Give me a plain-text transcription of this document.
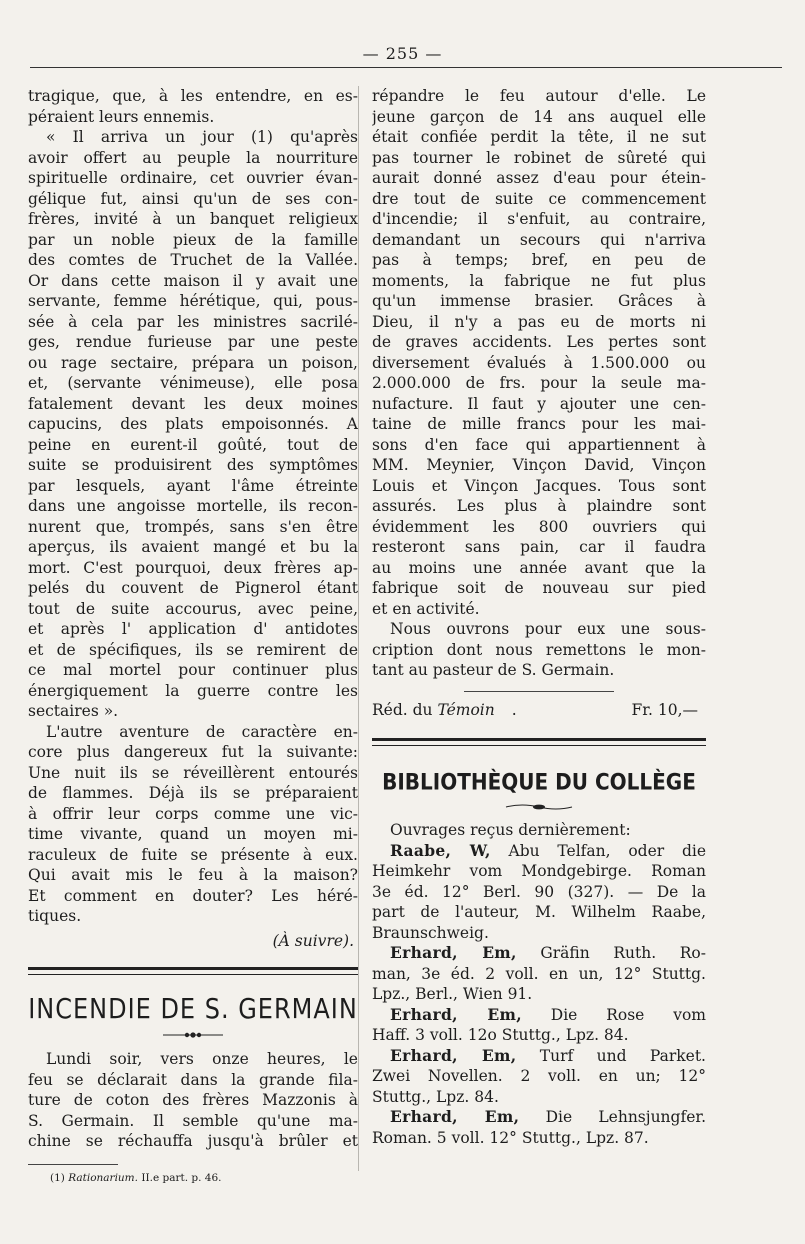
— 255 —

tragique, que, à les entendre, en es-
péraient leurs ennemis.

« Il arriva un jour (1) qu'après
avoir offert au peuple la nourriture
spirituelle ordinaire, cet ouvrier évan-
gélique fut, ainsi qu'un de ses con-
frères, invité à un banquet religieux
par un noble pieux de la famille
des comtes de Truchet de la Vallée.
Or dans cette maison il y avait une
servante, femme hérétique, qui, pous-
sée à cela par les ministres sacrilé-
ges, rendue furieuse par une peste
ou rage sectaire, prépara un poison,
et, (servante vénimeuse), elle posa
fatalement devant les deux moines
capucins, des plats empoisonnés. A
peine en eurent-il goûté, tout de
suite se produisirent des symptômes
par lesquels, ayant l'âme étreinte
dans une angoisse mortelle, ils recon-
nurent que, trompés, sans s'en être
aperçus, ils avaient mangé et bu la
mort. C'est pourquoi, deux frères ap-
pelés du couvent de Pignerol étant
tout de suite accourus, avec peine,
et après l' application d' antidotes
et de spécifiques, ils se remirent de
ce mal mortel pour continuer plus
énergiquement la guerre contre les
sectaires ».

L'autre aventure de caractère en-
core plus dangereux fut la suivante:
Une nuit ils se réveillèrent entourés
de flammes. Déjà ils se préparaient
à offrir leur corps comme une vic-
time vivante, quand un moyen mi-
raculeux de fuite se présente à eux.
Qui avait mis le feu à la maison?
Et comment en douter? Les héré-
tiques.

(À suivre).

INCENDIE DE S. GERMAIN

Lundi soir, vers onze heures, le
feu se déclarait dans la grande fila-
ture de coton des frères Mazzonis à
S. Germain. Il semble qu'une ma-
chine se réchauffa jusqu'à brûler et

(1) Rationarium. II.e part. p. 46.

répandre le feu autour d'elle. Le
jeune garçon de 14 ans auquel elle
était confiée perdit la tête, il ne sut
pas tourner le robinet de sûreté qui
aurait donné assez d'eau pour étein-
dre tout de suite ce commencement
d'incendie; il s'enfuit, au contraire,
demandant un secours qui n'arriva
pas à temps; bref, en peu de
moments, la fabrique ne fut plus
qu'un immense brasier. Grâces à
Dieu, il n'y a pas eu de morts ni
de graves accidents. Les pertes sont
diversement évalués à 1.500.000 ou
2.000.000 de frs. pour la seule ma-
nufacture. Il faut y ajouter une cen-
taine de mille francs pour les mai-
sons d'en face qui appartiennent à
MM. Meynier, Vinçon David, Vinçon
Louis et Vinçon Jacques. Tous sont
assurés. Les plus à plaindre sont
évidemment les 800 ouvriers qui
resteront sans pain, car il faudra
au moins une année avant que la
fabrique soit de nouveau sur pied
et en activité.

Nous ouvrons pour eux une sous-
cription dont nous remettons le mon-
tant au pasteur de S. Germain.

Réd. du Témoin .	Fr. 10,—
BIBLIOTHÈQUE DU COLLÈGE

Ouvrages reçus dernièrement:

Raabe, W, Abu Telfan, oder die
Heimkehr vom Mondgebirge. Roman
3e éd. 12° Berl. 90 (327). — De la
part de l'auteur, M. Wilhelm Raabe,
Braunschweig.

Erhard, Em, Gräfin Ruth. Ro-
man, 3e éd. 2 voll. en un, 12° Stuttg.
Lpz., Berl., Wien 91.

Erhard, Em, Die Rose vom
Haff. 3 voll. 12o Stuttg., Lpz. 84.

Erhard, Em, Turf und Parket.
Zwei Novellen. 2 voll. en un; 12°
Stuttg., Lpz. 84.

Erhard, Em, Die Lehnsjungfer.
Roman. 5 voll. 12° Stuttg., Lpz. 87.
